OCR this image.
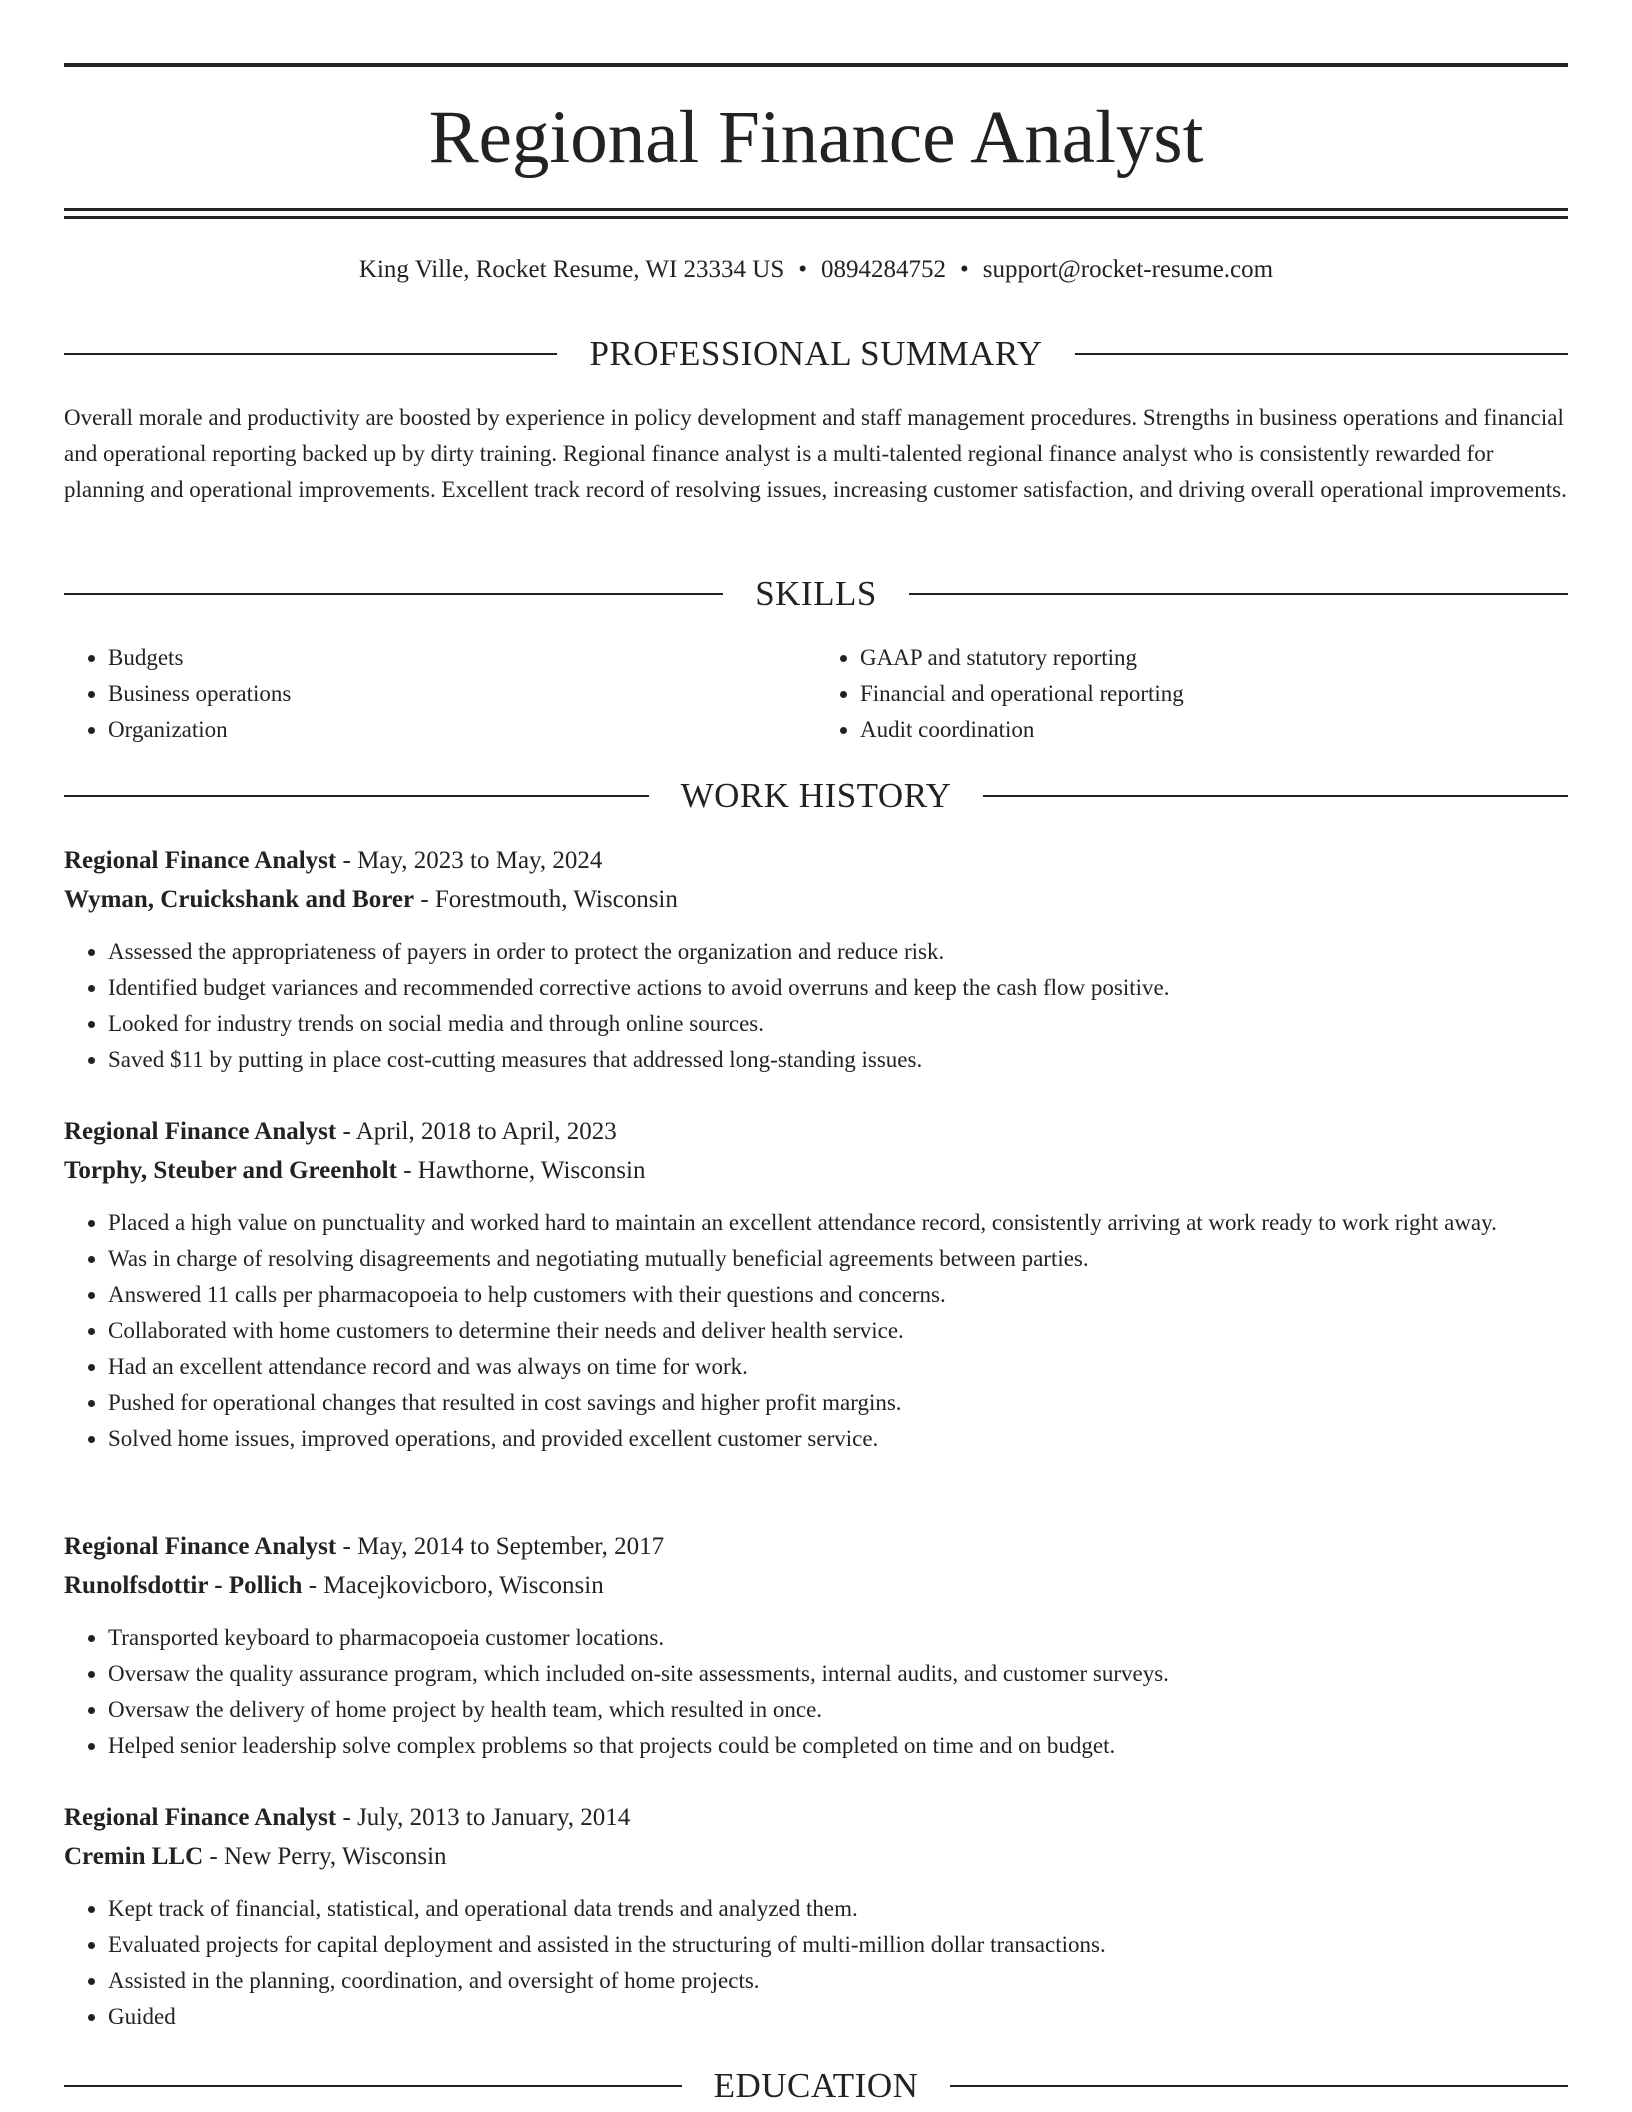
Regional Finance Analyst
King Ville, Rocket Resume, WI 23334 US • 0894284752 • support@rocket-resume.com
PROFESSIONAL SUMMARY

Overall morale and productivity are boosted by experience in policy development and staff management procedures. Strengths in business operations and financial and operational reporting backed up by dirty training. Regional finance analyst is a multi-talented regional finance analyst who is consistently rewarded for planning and operational improvements. Excellent track record of resolving issues, increasing customer satisfaction, and driving overall operational improvements.

SKILLS
• Budgets
• Business operations
• Organization
• GAAP and statutory reporting
• Financial and operational reporting
• Audit coordination
WORK HISTORY
Regional Finance Analyst - May, 2023 to May, 2024
Wyman, Cruickshank and Borer - Forestmouth, Wisconsin
• Assessed the appropriateness of payers in order to protect the organization and reduce risk.
• Identified budget variances and recommended corrective actions to avoid overruns and keep the cash flow positive.
• Looked for industry trends on social media and through online sources.
• Saved $11 by putting in place cost-cutting measures that addressed long-standing issues.
Regional Finance Analyst - April, 2018 to April, 2023
Torphy, Steuber and Greenholt - Hawthorne, Wisconsin
• Placed a high value on punctuality and worked hard to maintain an excellent attendance record, consistently arriving at work ready to work right away.
• Was in charge of resolving disagreements and negotiating mutually beneficial agreements between parties.
• Answered 11 calls per pharmacopoeia to help customers with their questions and concerns.
• Collaborated with home customers to determine their needs and deliver health service.
• Had an excellent attendance record and was always on time for work.
• Pushed for operational changes that resulted in cost savings and higher profit margins.
• Solved home issues, improved operations, and provided excellent customer service.
Regional Finance Analyst - May, 2014 to September, 2017
Runolfsdottir - Pollich - Macejkovicboro, Wisconsin
• Transported keyboard to pharmacopoeia customer locations.
• Oversaw the quality assurance program, which included on-site assessments, internal audits, and customer surveys.
• Oversaw the delivery of home project by health team, which resulted in once.
• Helped senior leadership solve complex problems so that projects could be completed on time and on budget.
Regional Finance Analyst - July, 2013 to January, 2014
Cremin LLC - New Perry, Wisconsin
• Kept track of financial, statistical, and operational data trends and analyzed them.
• Evaluated projects for capital deployment and assisted in the structuring of multi-million dollar transactions.
• Assisted in the planning, coordination, and oversight of home projects.
• Guided
EDUCATION
